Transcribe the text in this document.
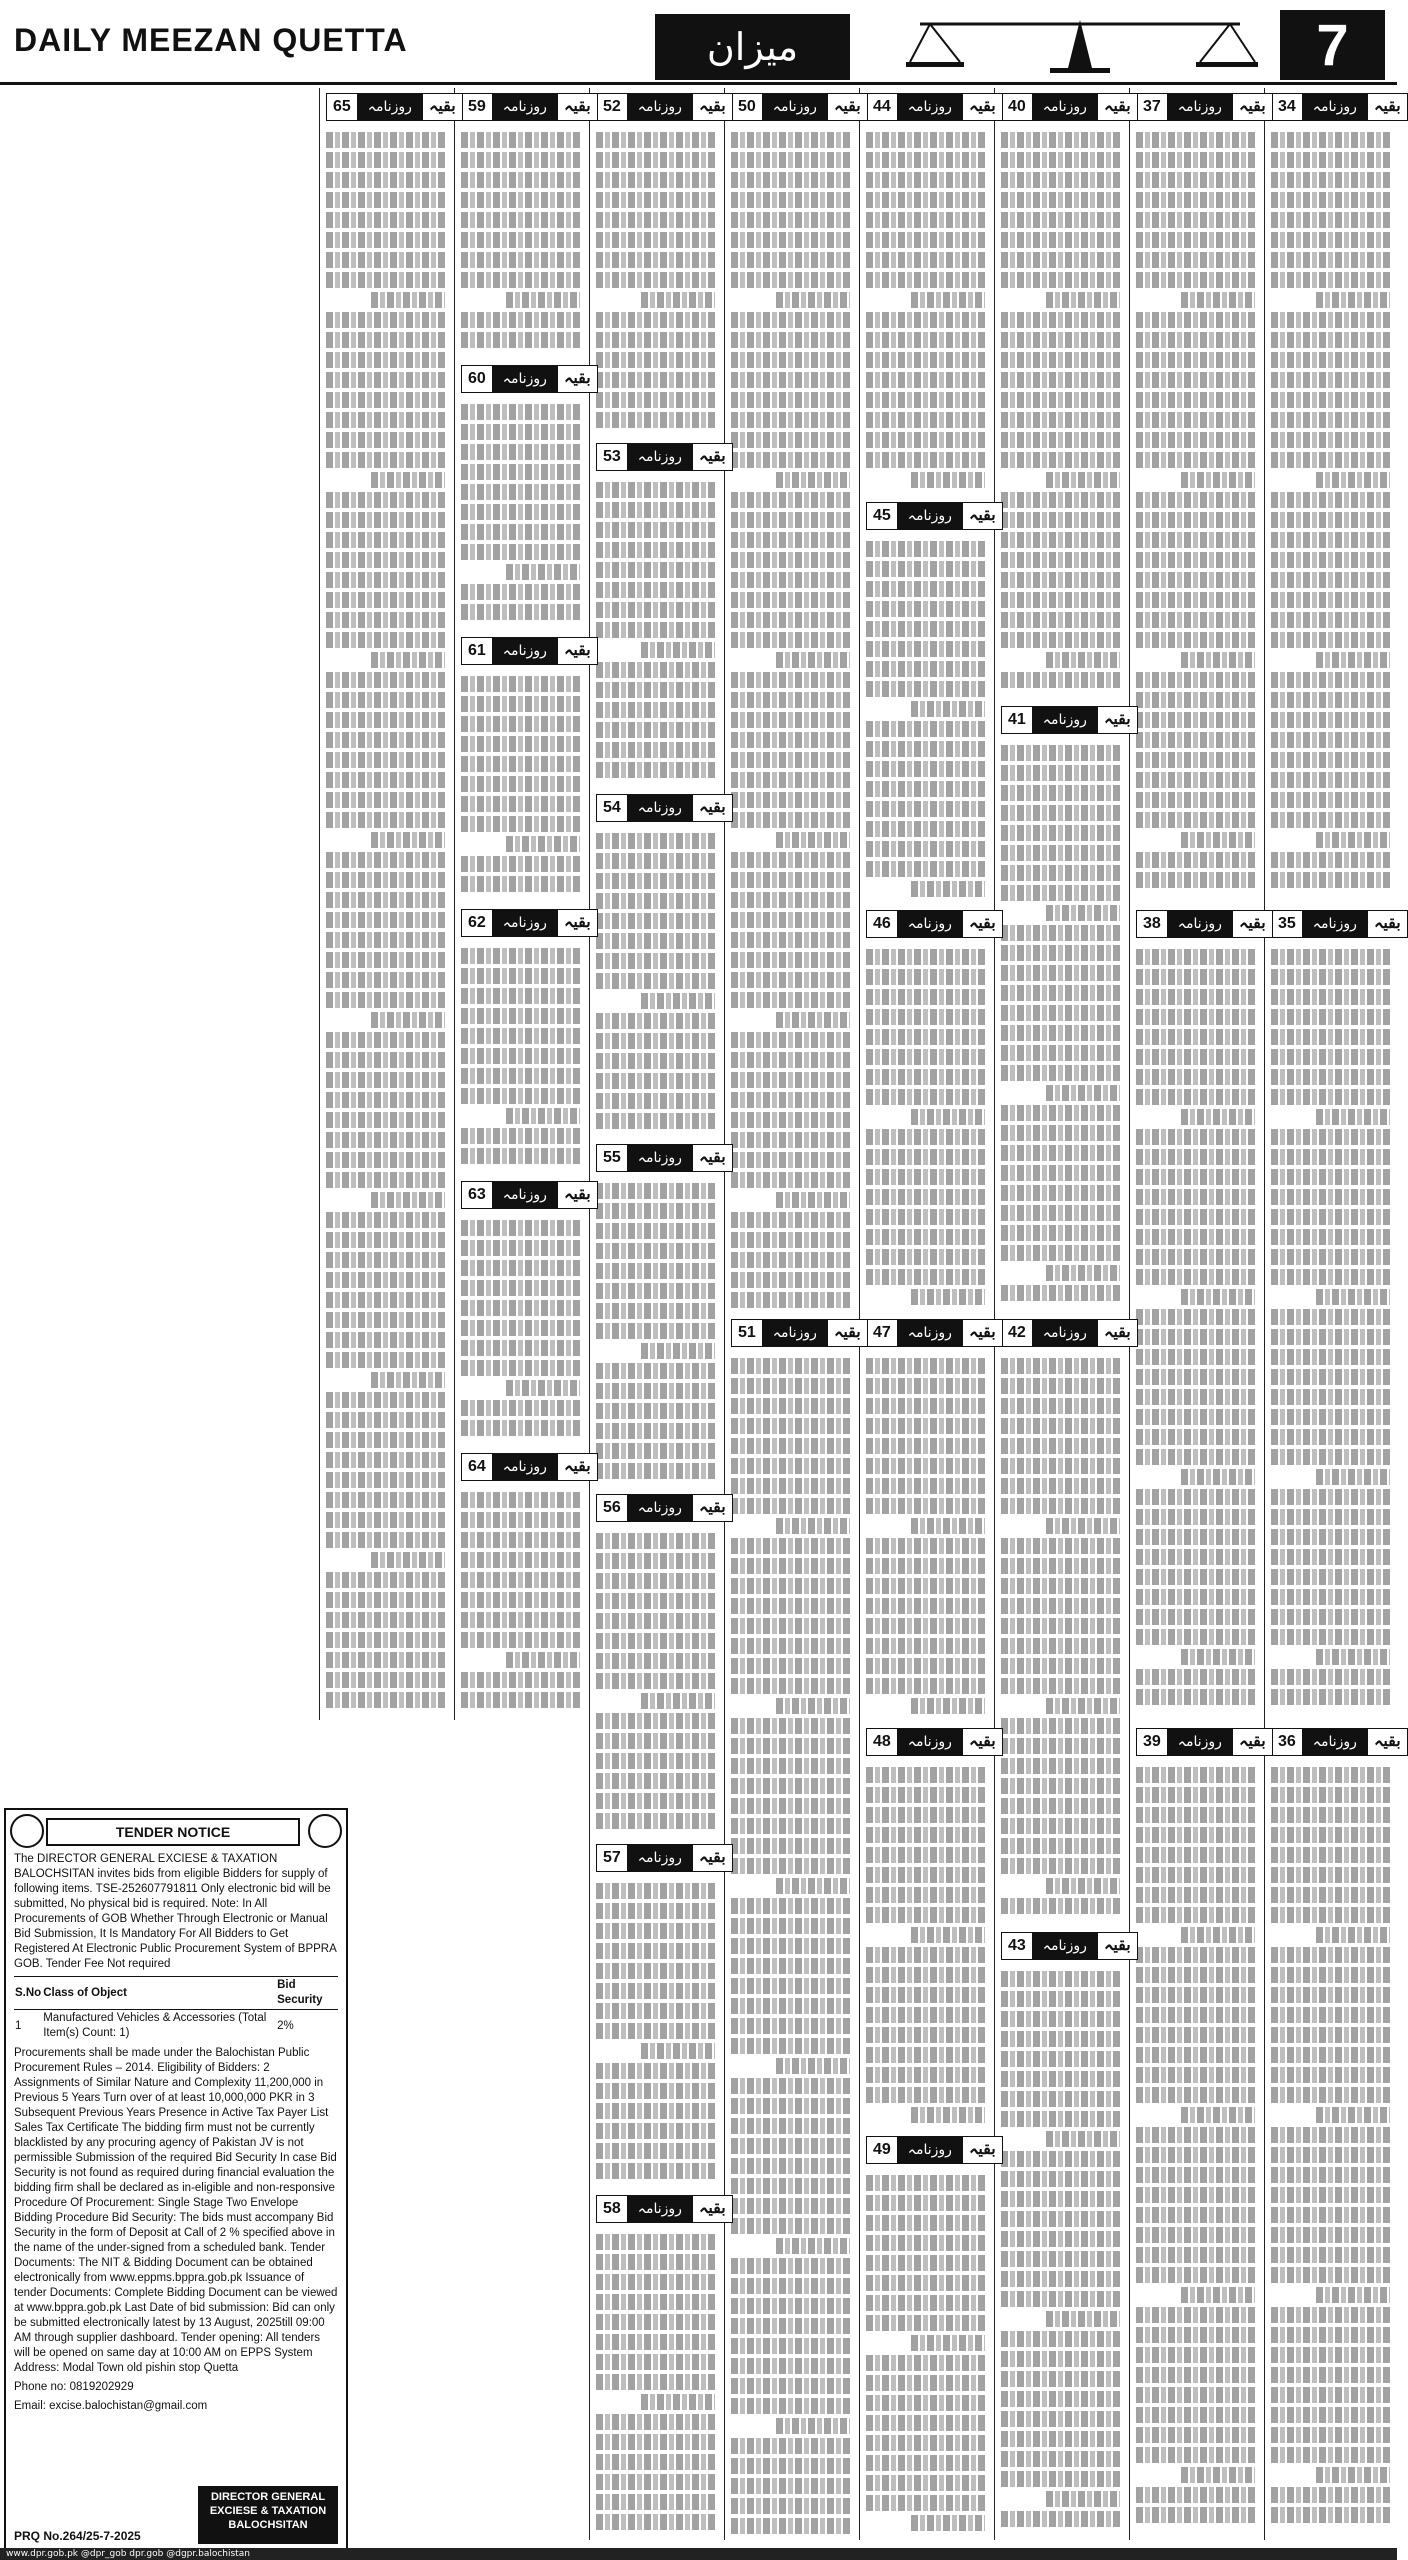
DAILY MEEZAN QUETTA	میزان	7
بقیہ
روزنامہ
34
بقیہ
روزنامہ
35
بقیہ
روزنامہ
36
بقیہ
روزنامہ
37
بقیہ
روزنامہ
38
بقیہ
روزنامہ
39
بقیہ
روزنامہ
40
بقیہ
روزنامہ
41
بقیہ
روزنامہ
42
بقیہ
روزنامہ
43
بقیہ
روزنامہ
44
بقیہ
روزنامہ
45
بقیہ
روزنامہ
46
بقیہ
روزنامہ
47
بقیہ
روزنامہ
48
بقیہ
روزنامہ
49
بقیہ
روزنامہ
50
بقیہ
روزنامہ
51
بقیہ
روزنامہ
52
بقیہ
روزنامہ
53
بقیہ
روزنامہ
54
بقیہ
روزنامہ
55
بقیہ
روزنامہ
56
بقیہ
روزنامہ
57
بقیہ
روزنامہ
58
بقیہ
روزنامہ
59
بقیہ
روزنامہ
60
بقیہ
روزنامہ
61
بقیہ
روزنامہ
62
بقیہ
روزنامہ
63
بقیہ
روزنامہ
64
بقیہ
روزنامہ
65
TENDER NOTICE

The DIRECTOR GENERAL EXCIESE & TAXATION BALOCHSITAN invites bids from eligible Bidders for supply of following items. TSE-252607791811 Only electronic bid will be submitted, No physical bid is required. Note: In All Procurements of GOB Whether Through Electronic or Manual Bid Submission, It Is Mandatory For All Bidders to Get Registered At Electronic Public Procurement System of BPPRA GOB. Tender Fee Not required

S.No	Class of Object	Bid Security
1	Manufactured Vehicles & Accessories (Total Item(s) Count: 1)	2%

Procurements shall be made under the Balochistan Public Procurement Rules – 2014. Eligibility of Bidders: 2 Assignments of Similar Nature and Complexity 11,200,000 in Previous 5 Years Turn over of at least 10,000,000 PKR in 3 Subsequent Previous Years Presence in Active Tax Payer List Sales Tax Certificate The bidding firm must not be currently blacklisted by any procuring agency of Pakistan JV is not permissible Submission of the required Bid Security In case Bid Security is not found as required during financial evaluation the bidding firm shall be declared as in-eligible and non-responsive Procedure Of Procurement: Single Stage Two Envelope Bidding Procedure Bid Security: The bids must accompany Bid Security in the form of Deposit at Call of 2 % specified above in the name of the under-signed from a scheduled bank. Tender Documents: The NIT & Bidding Document can be obtained electronically from www.eppms.bppra.gob.pk Issuance of tender Documents: Complete Bidding Document can be viewed at www.bppra.gob.pk Last Date of bid submission: Bid can only be submitted electronically latest by 13 August, 2025till 09:00 AM through supplier dashboard. Tender opening: All tenders will be opened on same day at 10:00 AM on EPPS System Address: Modal Town old pishin stop Quetta

Phone no: 0819202929

Email: excise.balochistan@gmail.com

PRQ No.264/25-7-2025
DIRECTOR GENERAL EXCIESE & TAXATION BALOCHSITAN
www.dpr.gob.pk @dpr_gob dpr.gob @dgpr.balochistan
